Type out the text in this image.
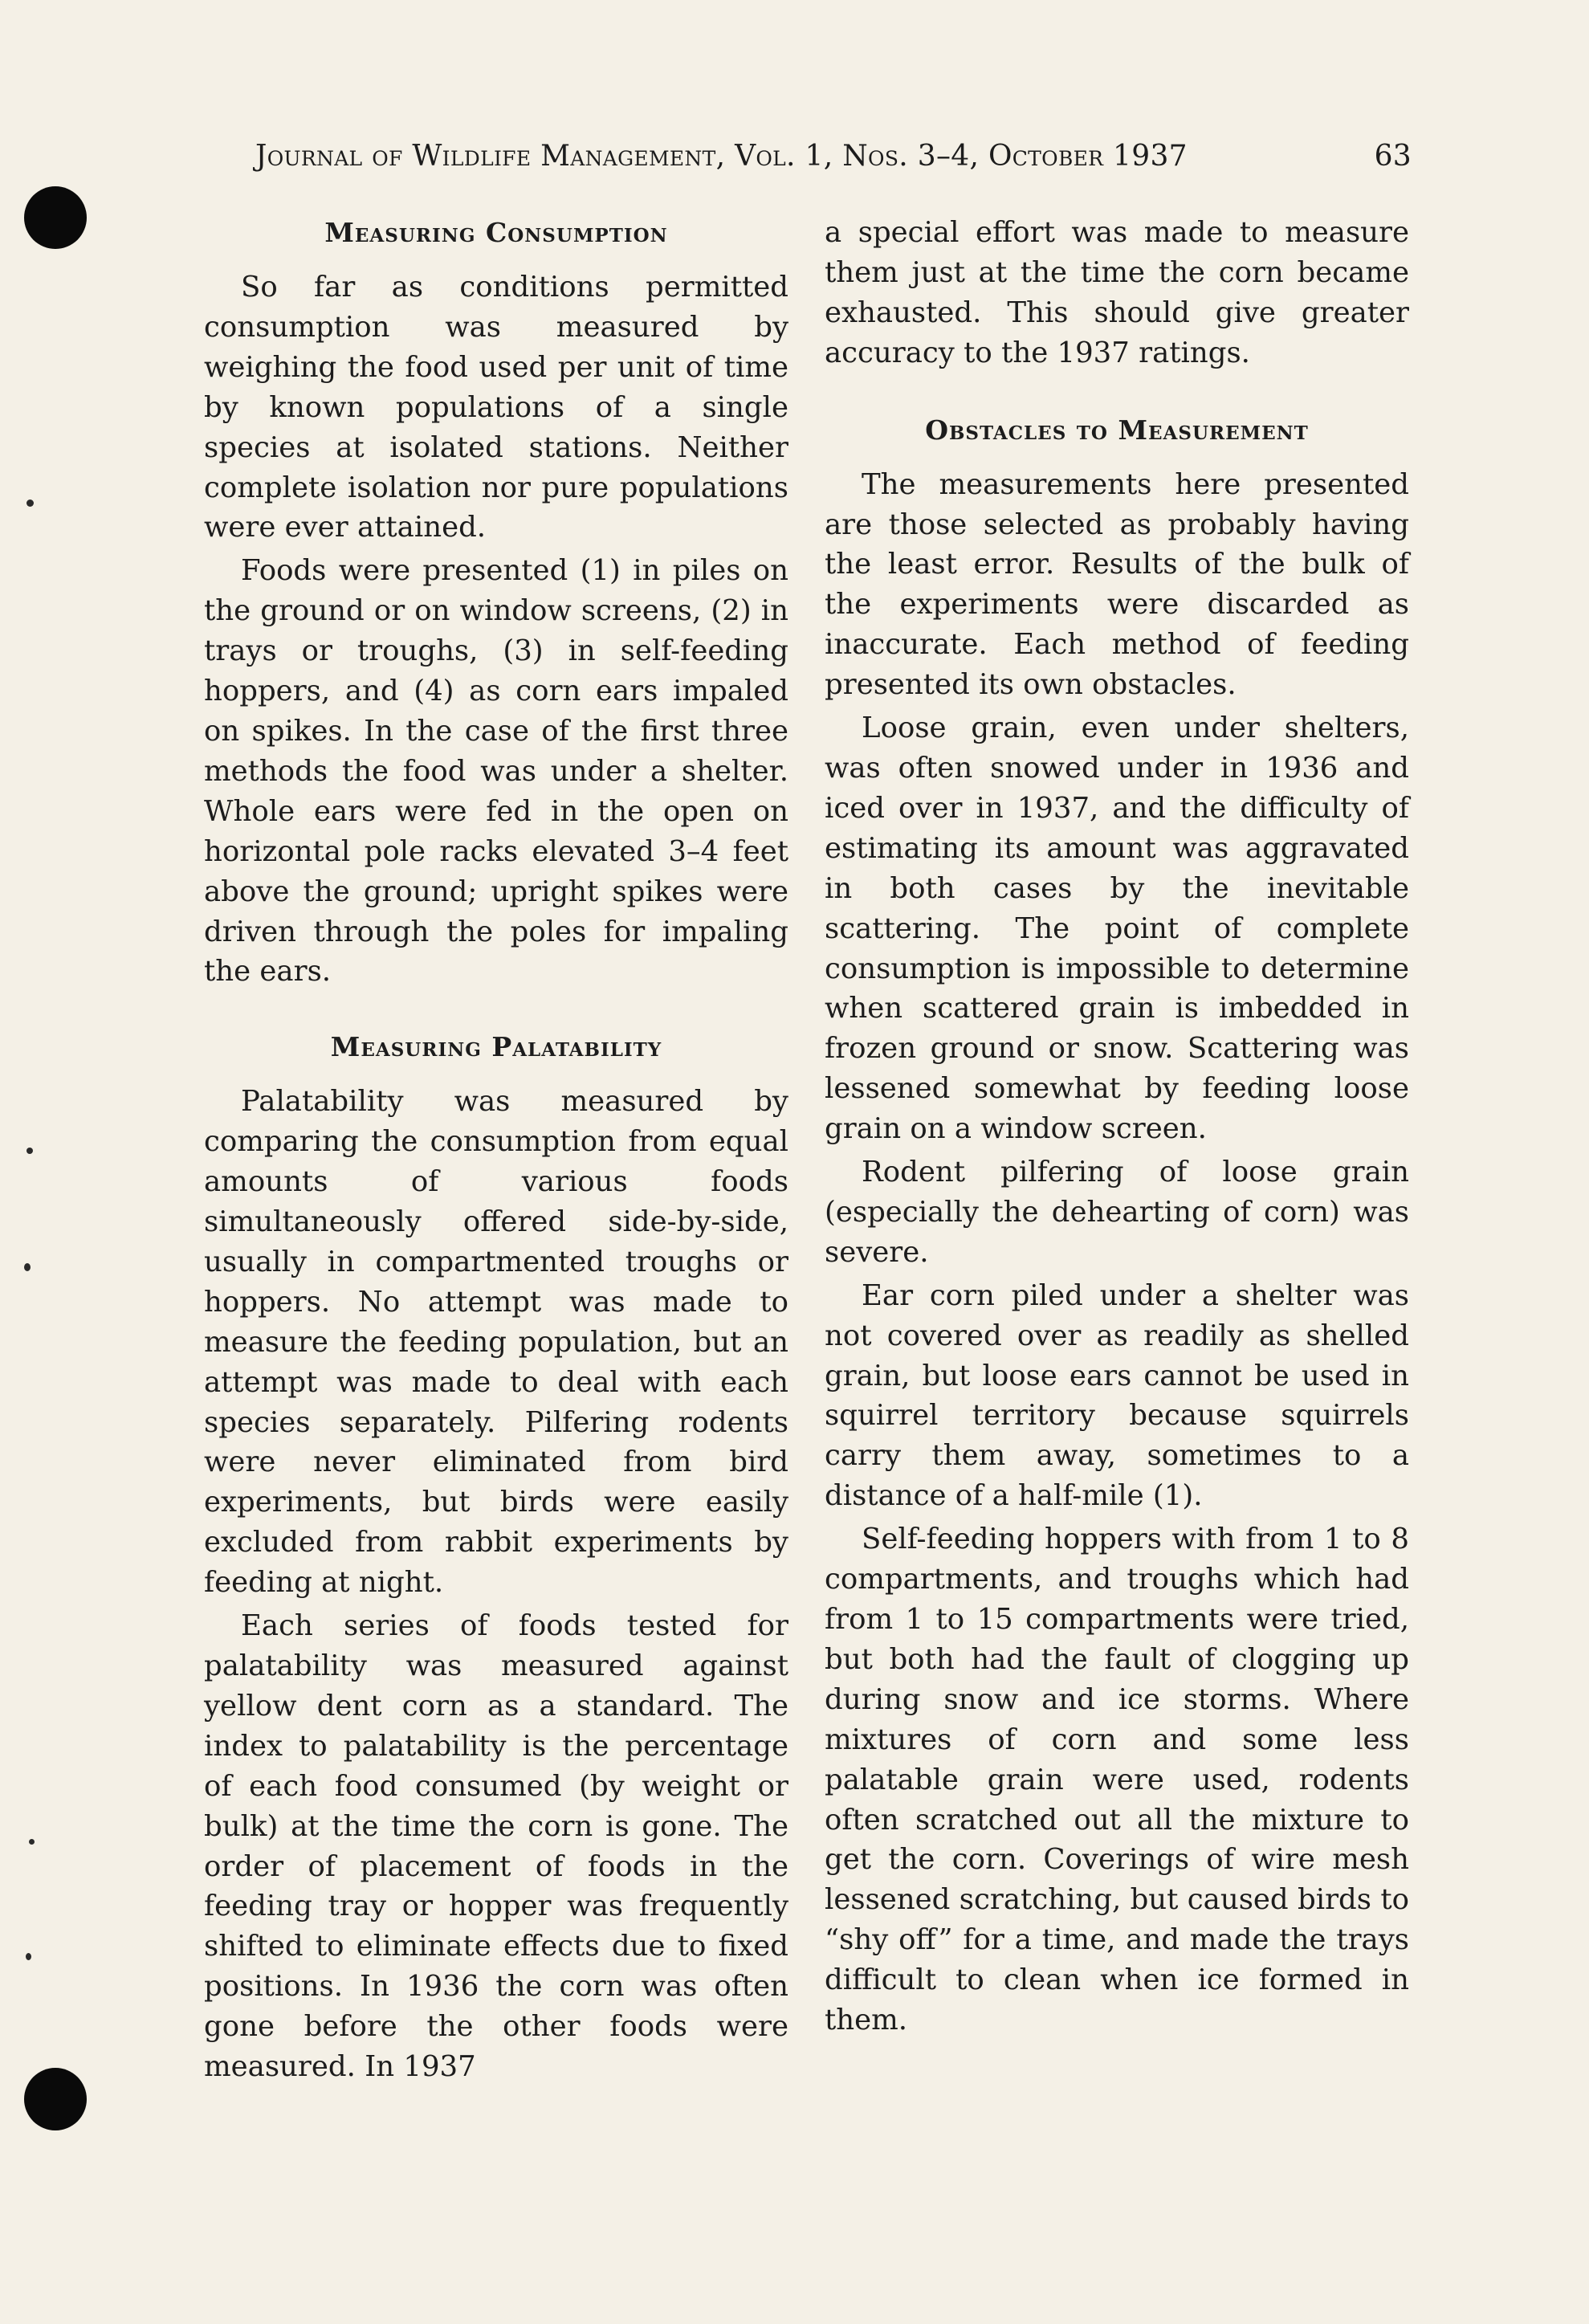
Journal of Wildlife Management, Vol. 1, Nos. 3–4, October 1937	63
Measuring Consumption

So far as conditions permitted consumption was measured by weighing the food used per unit of time by known populations of a single species at isolated stations. Neither complete isolation nor pure populations were ever attained.

Foods were presented (1) in piles on the ground or on window screens, (2) in trays or troughs, (3) in self-feeding hoppers, and (4) as corn ears impaled on spikes. In the case of the first three methods the food was under a shelter. Whole ears were fed in the open on horizontal pole racks elevated 3–4 feet above the ground; upright spikes were driven through the poles for impaling the ears.

Measuring Palatability

Palatability was measured by comparing the consumption from equal amounts of various foods simultaneously offered side-by-side, usually in compartmented troughs or hoppers. No attempt was made to measure the feeding population, but an attempt was made to deal with each species separately. Pilfering rodents were never eliminated from bird experiments, but birds were easily excluded from rabbit experiments by feeding at night.

Each series of foods tested for palatability was measured against yellow dent corn as a standard. The index to palatability is the percentage of each food consumed (by weight or bulk) at the time the corn is gone. The order of placement of foods in the feeding tray or hopper was frequently shifted to eliminate effects due to fixed positions. In 1936 the corn was often gone before the other foods were measured. In 1937

a special effort was made to measure them just at the time the corn became exhausted. This should give greater accuracy to the 1937 ratings.

Obstacles to Measurement

The measurements here presented are those selected as probably having the least error. Results of the bulk of the experiments were discarded as inaccurate. Each method of feeding presented its own obstacles.

Loose grain, even under shelters, was often snowed under in 1936 and iced over in 1937, and the difficulty of estimating its amount was aggravated in both cases by the inevitable scattering. The point of complete consumption is impossible to determine when scattered grain is imbedded in frozen ground or snow. Scattering was lessened somewhat by feeding loose grain on a window screen.

Rodent pilfering of loose grain (especially the dehearting of corn) was severe.

Ear corn piled under a shelter was not covered over as readily as shelled grain, but loose ears cannot be used in squirrel territory because squirrels carry them away, sometimes to a distance of a half-mile (1).

Self-feeding hoppers with from 1 to 8 compartments, and troughs which had from 1 to 15 compartments were tried, but both had the fault of clogging up during snow and ice storms. Where mixtures of corn and some less palatable grain were used, rodents often scratched out all the mixture to get the corn. Coverings of wire mesh lessened scratching, but caused birds to “shy off” for a time, and made the trays difficult to clean when ice formed in them.
